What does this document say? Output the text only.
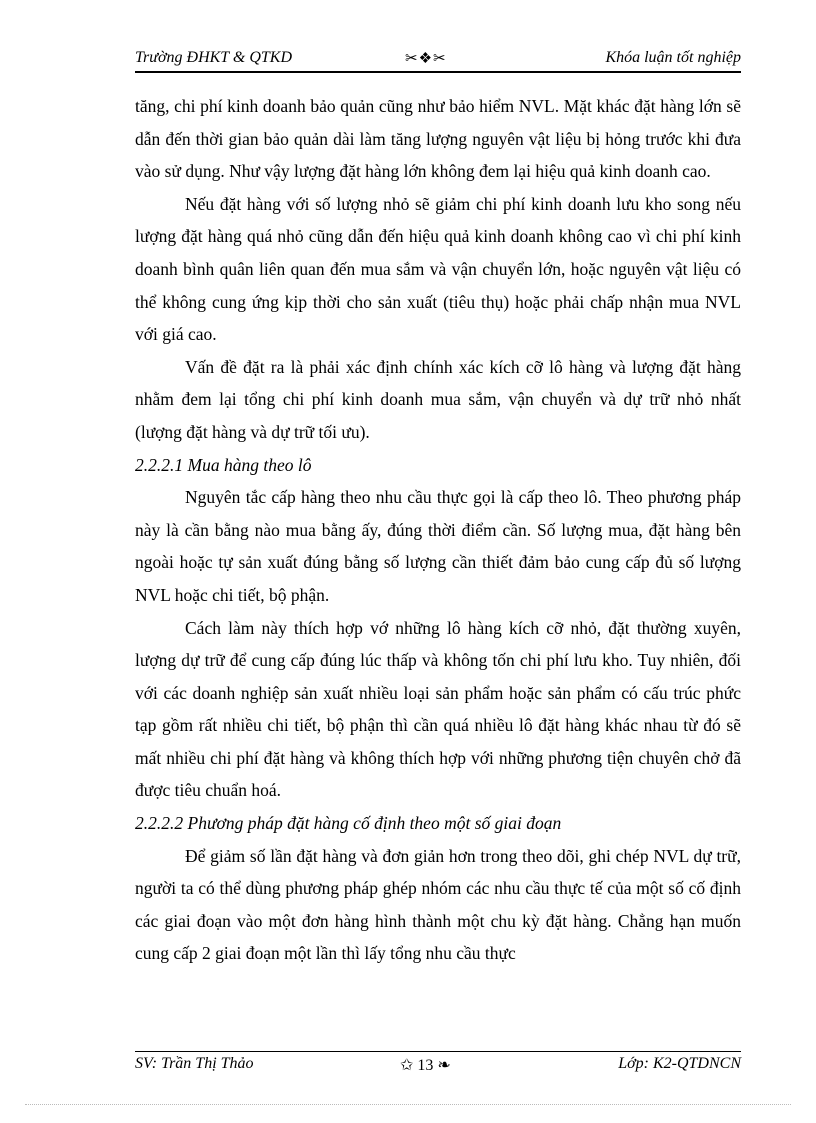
Trường ĐHKT & QTKD	✂❖✂	Khóa luận tốt nghiệp

tăng, chi phí kinh doanh bảo quản cũng như bảo hiểm NVL. Mặt khác đặt hàng lớn sẽ dẫn đến thời gian bảo quản dài làm tăng lượng nguyên vật liệu bị hỏng trước khi đưa vào sử dụng. Như vậy lượng đặt hàng lớn không đem lại hiệu quả kinh doanh cao.

Nếu đặt hàng với số lượng nhỏ sẽ giảm chi phí kinh doanh lưu kho song nếu lượng đặt hàng quá nhỏ cũng dẫn đến hiệu quả kinh doanh không cao vì chi phí kinh doanh bình quân liên quan đến mua sắm và vận chuyển lớn, hoặc nguyên vật liệu có thể không cung ứng kịp thời cho sản xuất (tiêu thụ) hoặc phải chấp nhận mua NVL với giá cao.

Vấn đề đặt ra là phải xác định chính xác kích cỡ lô hàng và lượng đặt hàng nhằm đem lại tổng chi phí kinh doanh mua sắm, vận chuyển và dự trữ nhỏ nhất (lượng đặt hàng và dự trữ tối ưu).

2.2.2.1 Mua hàng theo lô

Nguyên tắc cấp hàng theo nhu cầu thực gọi là cấp theo lô. Theo phương pháp này là cần bằng nào mua bằng ấy, đúng thời điểm cần. Số lượng mua, đặt hàng bên ngoài hoặc tự sản xuất đúng bằng số lượng cần thiết đảm bảo cung cấp đủ số lượng NVL hoặc chi tiết, bộ phận.

Cách làm này thích hợp vớ những lô hàng kích cỡ nhỏ, đặt thường xuyên, lượng dự trữ để cung cấp đúng lúc thấp và không tốn chi phí lưu kho. Tuy nhiên, đối với các doanh nghiệp sản xuất nhiều loại sản phẩm hoặc sản phẩm có cấu trúc phức tạp gồm rất nhiều chi tiết, bộ phận thì cần quá nhiều lô đặt hàng khác nhau từ đó sẽ mất nhiều chi phí đặt hàng và không thích hợp với những phương tiện chuyên chở đã được tiêu chuẩn hoá.

2.2.2.2 Phương pháp đặt hàng cố định theo một số giai đoạn

Để giảm số lần đặt hàng và đơn giản hơn trong theo dõi, ghi chép NVL dự trữ, người ta có thể dùng phương pháp ghép nhóm các nhu cầu thực tế của một số cố định các giai đoạn vào một đơn hàng hình thành một chu kỳ đặt hàng. Chẳng hạn muốn cung cấp 2 giai đoạn một lần thì lấy tổng nhu cầu thực

SV: Trần Thị Thảo	✩ 13 ❧	Lớp: K2-QTDNCN
